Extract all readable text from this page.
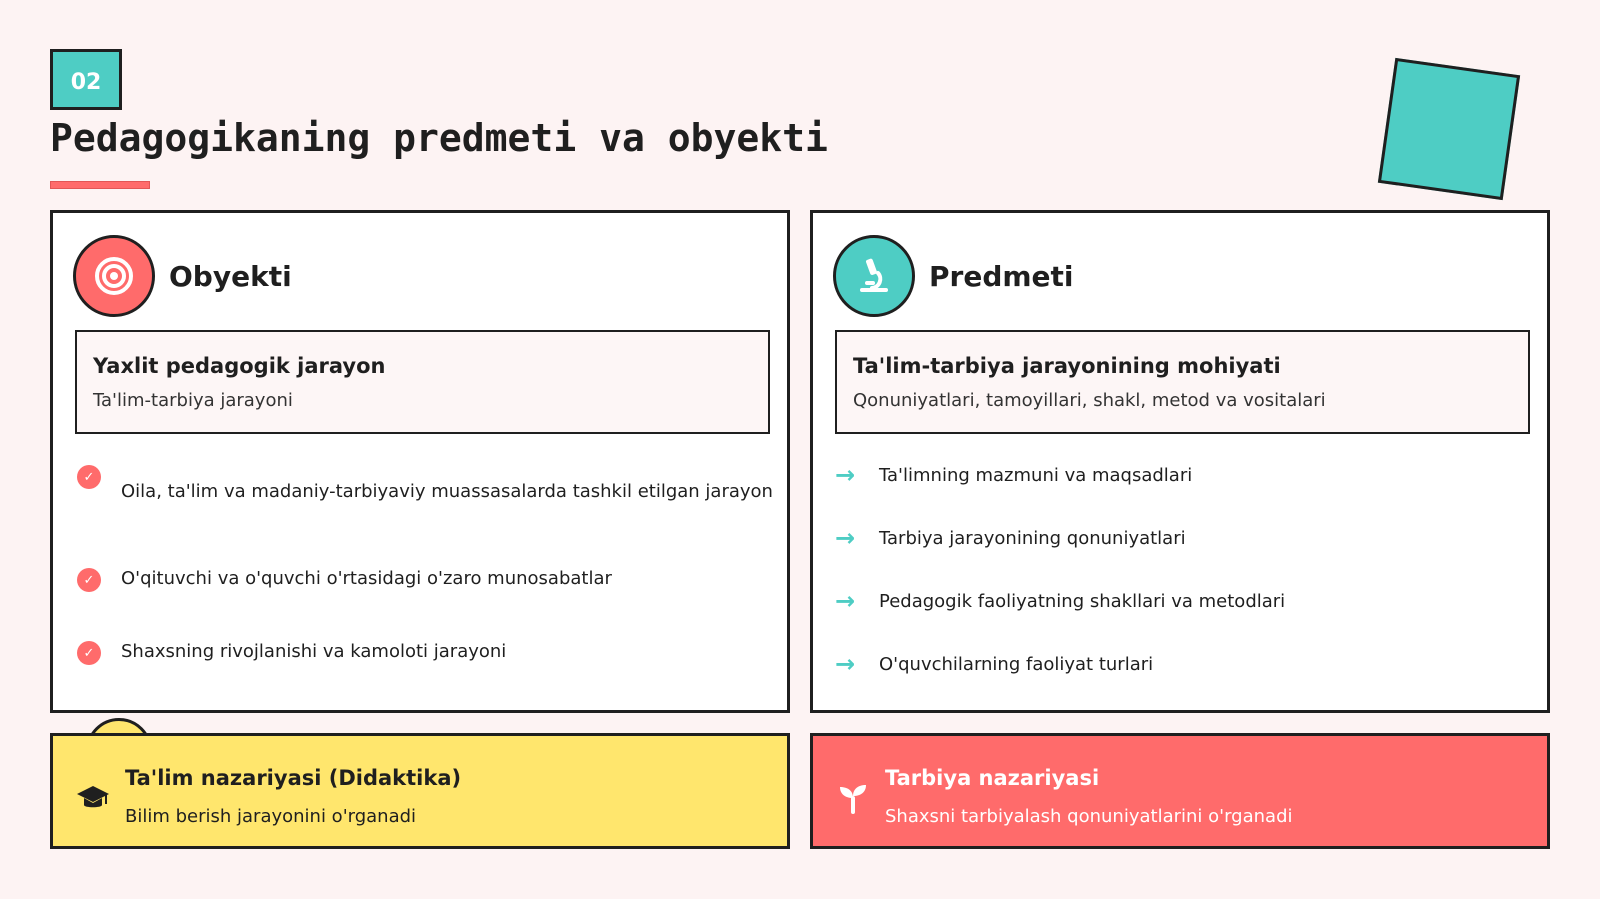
02
Pedagogikaning predmeti va obyekti
Obyekti
Yaxlit pedagogik jarayon
Ta'lim-tarbiya jarayoni
✓
Oila, ta'lim va madaniy-tarbiyaviy muassasalarda tashkil etilgan jarayon
✓	O'qituvchi va o'quvchi o'rtasidagi o'zaro munosabatlar
✓	Shaxsning rivojlanishi va kamoloti jarayoni
Predmeti
Ta'lim-tarbiya jarayonining mohiyati
Qonuniyatlari, tamoyillari, shakl, metod va vositalari
→	Ta'limning mazmuni va maqsadlari
→	Tarbiya jarayonining qonuniyatlari
→	Pedagogik faoliyatning shakllari va metodlari
→	O'quvchilarning faoliyat turlari
Ta'lim nazariyasi (Didaktika)
Bilim berish jarayonini o'rganadi
Tarbiya nazariyasi
Shaxsni tarbiyalash qonuniyatlarini o'rganadi
